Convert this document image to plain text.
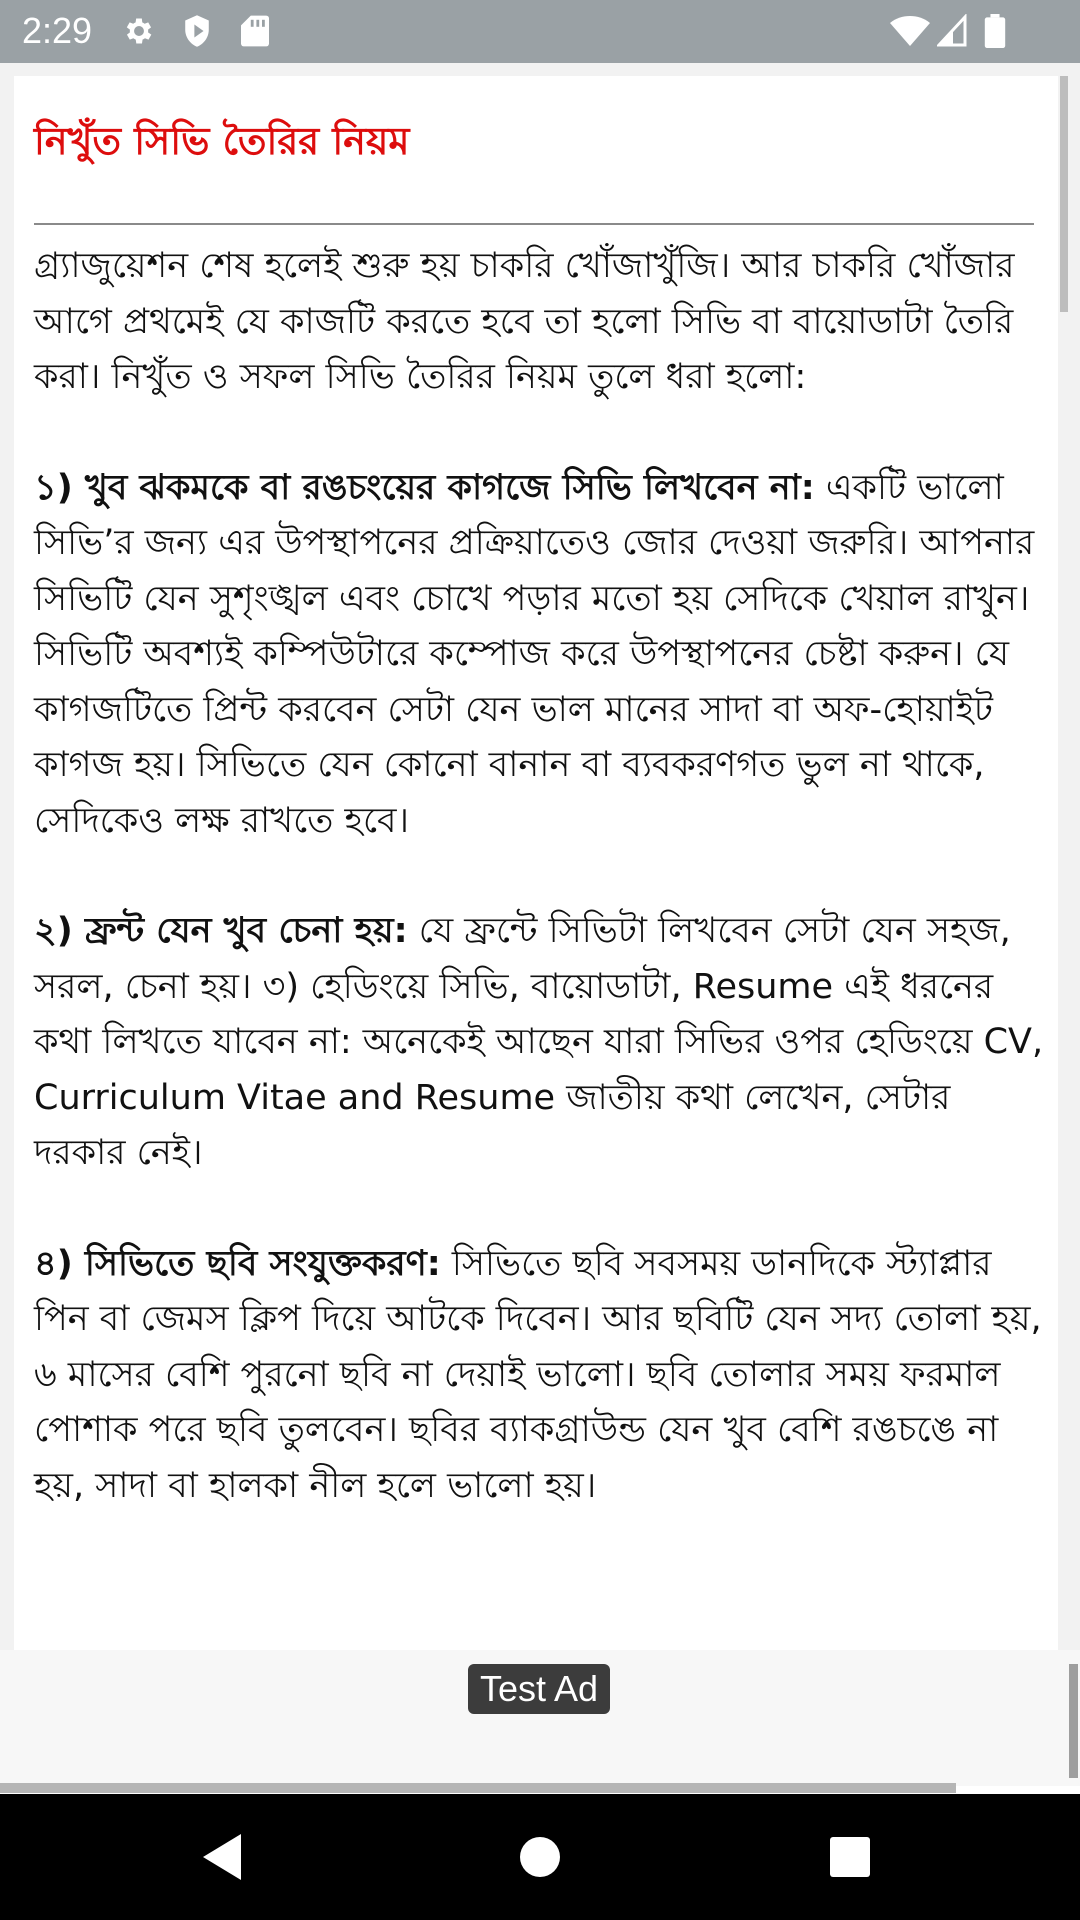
2:29
নিখুঁত সিভি তৈরির নিয়ম

গ্র্যাজুয়েশন শেষ হলেই শুরু হয় চাকরি খোঁজাখুঁজি। আর চাকরি খোঁজার আগে প্রথমেই যে কাজটি করতে হবে তা হলো সিভি বা বায়োডাটা তৈরি করা। নিখুঁত ও সফল সিভি তৈরির নিয়ম তুলে ধরা হলো:

১) খুব ঝকমকে বা রঙচংয়ের কাগজে সিভি লিখবেন না: একটি ভালো সিভি’র জন্য এর উপস্থাপনের প্রক্রিয়াতেও জোর দেওয়া জরুরি। আপনার সিভিটি যেন সুশৃংঙ্খল এবং চোখে পড়ার মতো হয় সেদিকে খেয়াল রাখুন। সিভিটি অবশ্যই কম্পিউটারে কম্পোজ করে উপস্থাপনের চেষ্টা করুন। যে কাগজটিতে প্রিন্ট করবেন সেটা যেন ভাল মানের সাদা বা অফ-হোয়াইট কাগজ হয়। সিভিতে যেন কোনো বানান বা ব্যবকরণগত ভুল না থাকে, সেদিকেও লক্ষ রাখতে হবে।

২) ফ্রন্ট যেন খুব চেনা হয়: যে ফ্রন্টে সিভিটা লিখবেন সেটা যেন সহজ, সরল, চেনা হয়। ৩) হেডিংয়ে সিভি, বায়োডাটা, Resume এই ধরনের কথা লিখতে যাবেন না: অনেকেই আছেন যারা সিভির ওপর হেডিংয়ে CV, Curriculum Vitae and Resume জাতীয় কথা লেখেন, সেটার দরকার নেই।

৪) সিভিতে ছবি সংযুক্তকরণ: সিভিতে ছবি সবসময় ডানদিকে স্ট্যাপ্লার পিন বা জেমস ক্লিপ দিয়ে আটকে দিবেন। আর ছবিটি যেন সদ্য তোলা হয়, ৬ মাসের বেশি পুরনো ছবি না দেয়াই ভালো। ছবি তোলার সময় ফরমাল পোশাক পরে ছবি তুলবেন। ছবির ব্যাকগ্রাউন্ড যেন খুব বেশি রঙচঙে না হয়, সাদা বা হালকা নীল হলে ভালো হয়।

Test Ad
